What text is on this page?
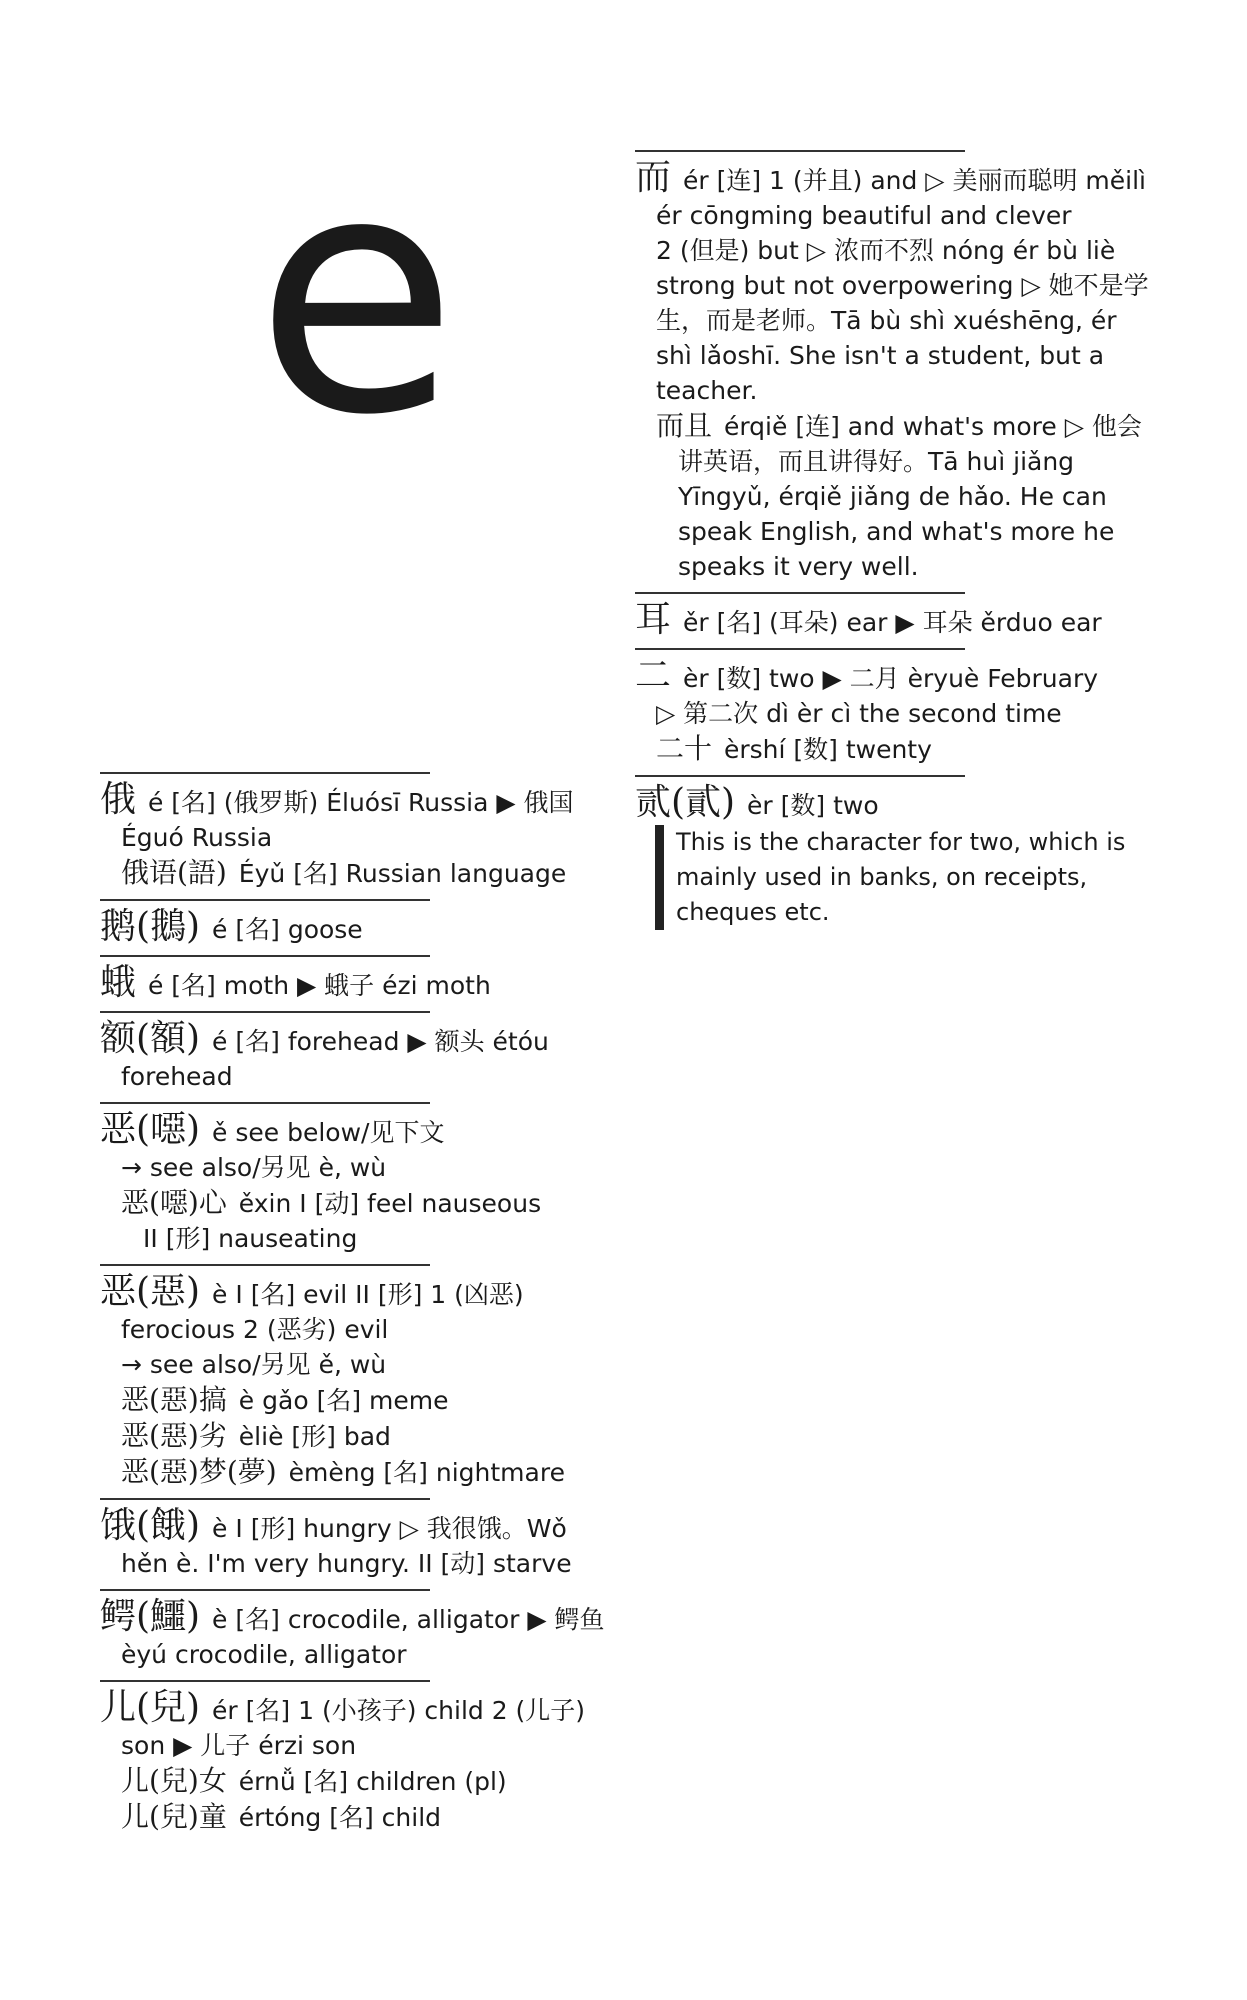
e
俄 é [名] (俄罗斯) Éluósī Russia ▶ 俄国
Éguó Russia
俄语(語) Éyǔ [名] Russian language
鹅(鵝) é [名] goose
蛾 é [名] moth ▶ 蛾子 ézi moth
额(額) é [名] forehead ▶ 额头 étóu
forehead
恶(噁) ě see below/见下文
→ see also/另见 è, wù
恶(噁)心 ěxin I [动] feel nauseous
II [形] nauseating
恶(惡) è I [名] evil II [形] 1 (凶恶)
ferocious 2 (恶劣) evil
→ see also/另见 ě, wù
恶(惡)搞 è gǎo [名] meme
恶(惡)劣 èliè [形] bad
恶(惡)梦(夢) èmèng [名] nightmare
饿(餓) è I [形] hungry ▷ 我很饿。Wǒ
hěn è. I'm very hungry. II [动] starve
鳄(鱷) è [名] crocodile, alligator ▶ 鳄鱼
èyú crocodile, alligator
儿(兒) ér [名] 1 (小孩子) child 2 (儿子)
son ▶ 儿子 érzi son
儿(兒)女 érnǚ [名] children (pl)
儿(兒)童 értóng [名] child
而 ér [连] 1 (并且) and ▷ 美丽而聪明 měilì
ér cōngming beautiful and clever
2 (但是) but ▷ 浓而不烈 nóng ér bù liè
strong but not overpowering ▷ 她不是学
生，而是老师。Tā bù shì xuéshēng, ér
shì lǎoshī. She isn't a student, but a
teacher.
而且 érqiě [连] and what's more ▷ 他会
讲英语，而且讲得好。Tā huì jiǎng
Yīngyǔ, érqiě jiǎng de hǎo. He can
speak English, and what's more he
speaks it very well.
耳 ěr [名] (耳朵) ear ▶ 耳朵 ěrduo ear
二 èr [数] two ▶ 二月 èryuè February
▷ 第二次 dì èr cì the second time
二十 èrshí [数] twenty
贰(貳) èr [数] two
This is the character for two, which is
mainly used in banks, on receipts,
cheques etc.
